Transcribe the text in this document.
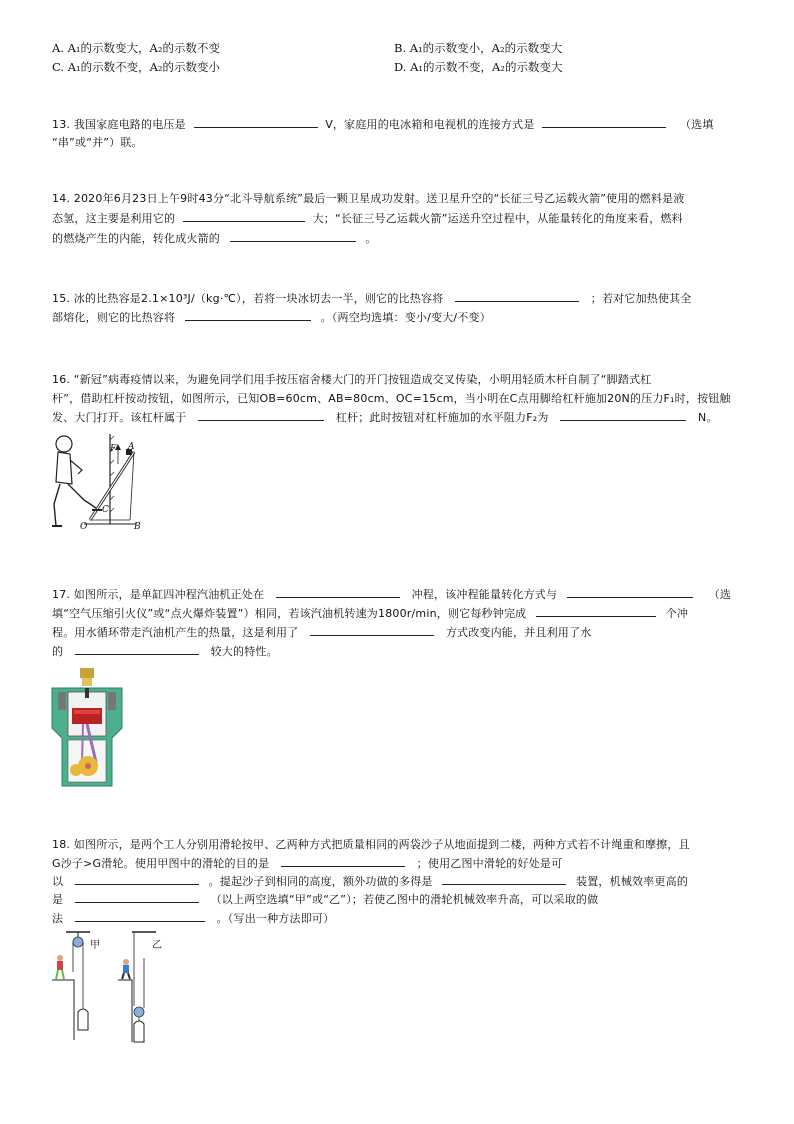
A. A₁的示数变大，A₂的示数不变	B. A₁的示数变小，A₂的示数变大
C. A₁的示数不变，A₂的示数变小	D. A₁的示数不变，A₂的示数变大
13. 我国家庭电路的电压是	V，家庭用的电冰箱和电视机的连接方式是	（选填
“串”或“并”）联。
14. 2020年6月23日上午9时43分“北斗导航系统”最后一颗卫星成功发射。送卫星升空的“长征三号乙运载火箭”使用的燃料是液
态氢，这主要是利用它的	大；“长征三号乙运载火箭”运送升空过程中，从能量转化的角度来看，燃料
的燃烧产生的内能，转化成火箭的	。
15. 冰的比热容是2.1×10³J/（kg·℃），若将一块冰切去一半，则它的比热容将	；若对它加热使其全
部熔化，则它的比热容将	。（两空均选填：变小/变大/不变）
16. “新冠”病毒疫情以来，为避免同学们用手按压宿舍楼大门的开门按钮造成交叉传染，小明用轻质木杆自制了“脚踏式杠
杆”，借助杠杆按动按钮，如图所示，已知OB=60cm、AB=80cm、OC=15cm，当小明在C点用脚给杠杆施加20N的压力F₁时，按钮触
发、大门打开。该杠杆属于	杠杆；此时按钮对杠杆施加的水平阻力F₂为	N。
A
F
C
O	B
17. 如图所示，是单缸四冲程汽油机正处在	冲程，该冲程能量转化方式与	（选
填“空气压缩引火仪”或“点火爆炸装置”）相同，若该汽油机转速为1800r/min，则它每秒钟完成	个冲
程。用水循环带走汽油机产生的热量，这是利用了	方式改变内能，并且利用了水
的	较大的特性。
18. 如图所示，是两个工人分别用滑轮按甲、乙两种方式把质量相同的两袋沙子从地面提到二楼，两种方式若不计绳重和摩擦，且
G沙子>G滑轮。使用甲图中的滑轮的目的是	；使用乙图中滑轮的好处是可
以	。提起沙子到相同的高度，额外功做的多得是	装置，机械效率更高的
是	（以上两空选填“甲”或“乙”）；若使乙图中的滑轮机械效率升高，可以采取的做
法	。（写出一种方法即可）
甲	乙
